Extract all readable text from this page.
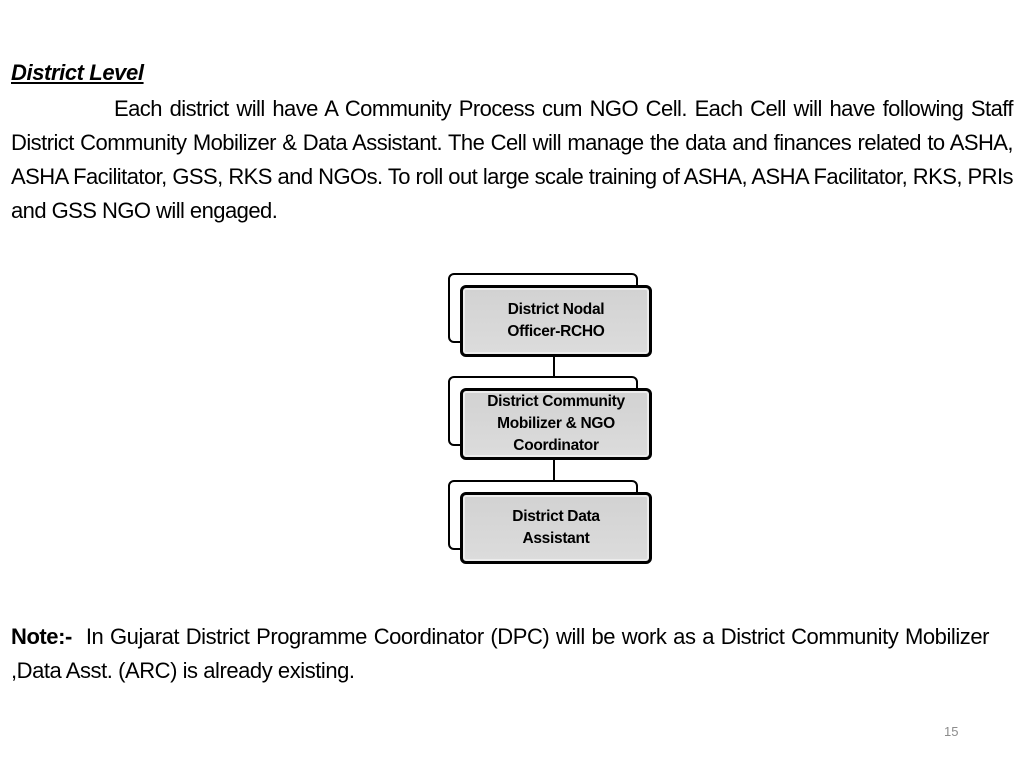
District Level

Each district will have A Community Process cum NGO Cell. Each Cell will have following Staff District Community Mobilizer & Data Assistant. The Cell will manage the data and finances related to ASHA, ASHA Facilitator, GSS, RKS and NGOs. To roll out large scale training of ASHA, ASHA Facilitator, RKS, PRIs and GSS NGO will engaged.

District Nodal
Officer-RCHO
District Community
Mobilizer & NGO
Coordinator
District Data
Assistant

Note:- In Gujarat District Programme Coordinator (DPC) will be work as a District Community Mobilizer ,Data Asst. (ARC) is already existing.

15
